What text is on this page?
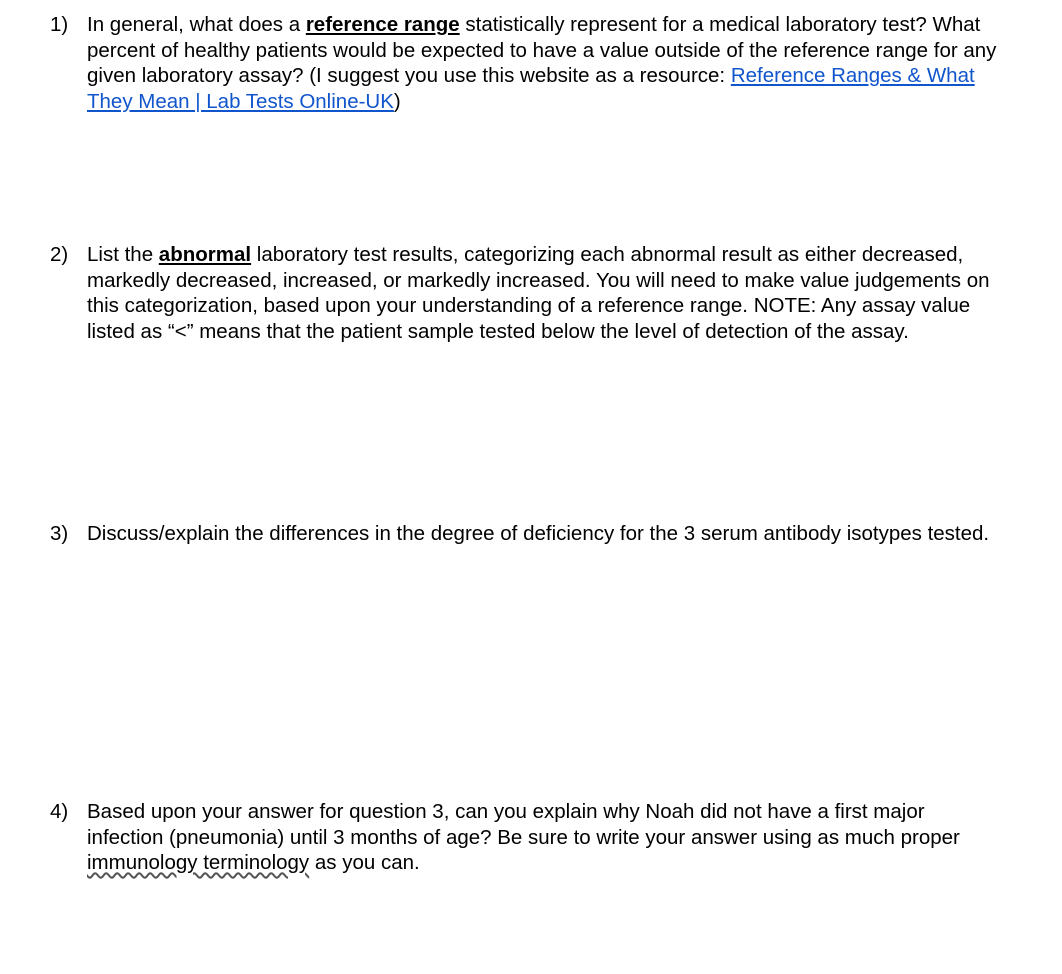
1) In general, what does a reference range statistically represent for a medical laboratory test? What percent of healthy patients would be expected to have a value outside of the reference range for any given laboratory assay? (I suggest you use this website as a resource: Reference Ranges & What They Mean | Lab Tests Online-UK)
2) List the abnormal laboratory test results, categorizing each abnormal result as either decreased, markedly decreased, increased, or markedly increased. You will need to make value judgements on this categorization, based upon your understanding of a reference range. NOTE: Any assay value listed as “<” means that the patient sample tested below the level of detection of the assay.
3) Discuss/explain the differences in the degree of deficiency for the 3 serum antibody isotypes tested.
4) Based upon your answer for question 3, can you explain why Noah did not have a first major infection (pneumonia) until 3 months of age? Be sure to write your answer using as much proper immunology terminology as you can.
